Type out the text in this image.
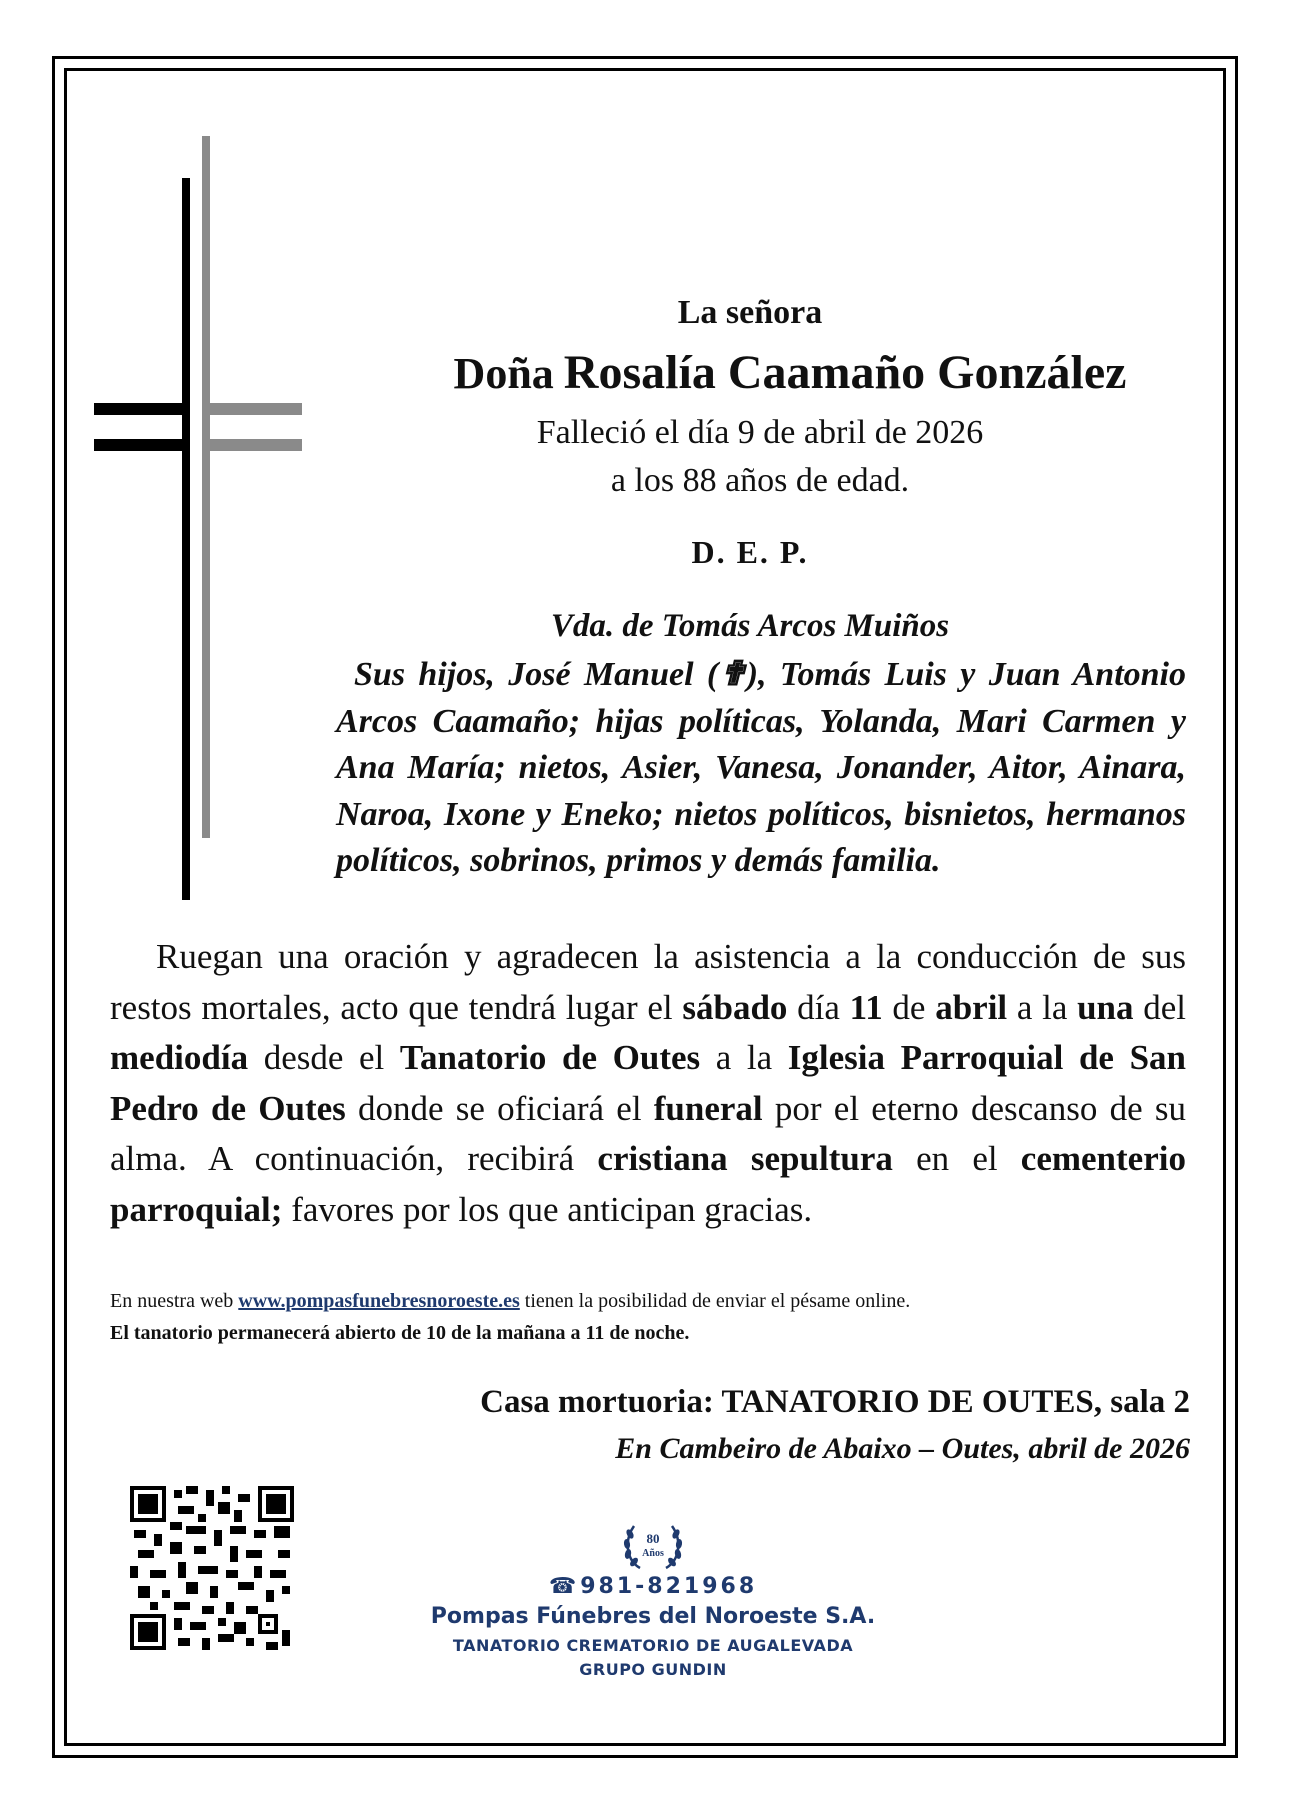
La señora
Doña Rosalía Caamaño González
Falleció el día 9 de abril de 2026
a los 88 años de edad.
D. E. P.
Vda. de Tomás Arcos Muiños
Sus hijos, José Manuel (✟), Tomás Luis y Juan Antonio Arcos Caamaño; hijas políticas, Yolanda, Mari Carmen y Ana María; nietos, Asier, Vanesa, Jonander, Aitor, Ainara, Naroa, Ixone y Eneko; nietos políticos, bisnietos, hermanos políticos, sobrinos, primos y demás familia.
Ruegan una oración y agradecen la asistencia a la conducción de sus restos mortales, acto que tendrá lugar el sábado día 11 de abril a la una del mediodía desde el Tanatorio de Outes a la Iglesia Parroquial de San Pedro de Outes donde se oficiará el funeral por el eterno descanso de su alma. A continuación, recibirá cristiana sepultura en el cementerio parroquial; favores por los que anticipan gracias.
En nuestra web www.pompasfunebresnoroeste.es tienen la posibilidad de enviar el pésame online.
El tanatorio permanecerá abierto de 10 de la mañana a 11 de noche.
Casa mortuoria: TANATORIO DE OUTES, sala 2
En Cambeiro de Abaixo – Outes, abril de 2026
80
Años
☎ 981-821968
Pompas Fúnebres del Noroeste S.A.
TANATORIO CREMATORIO DE AUGALEVADA
GRUPO GUNDIN
